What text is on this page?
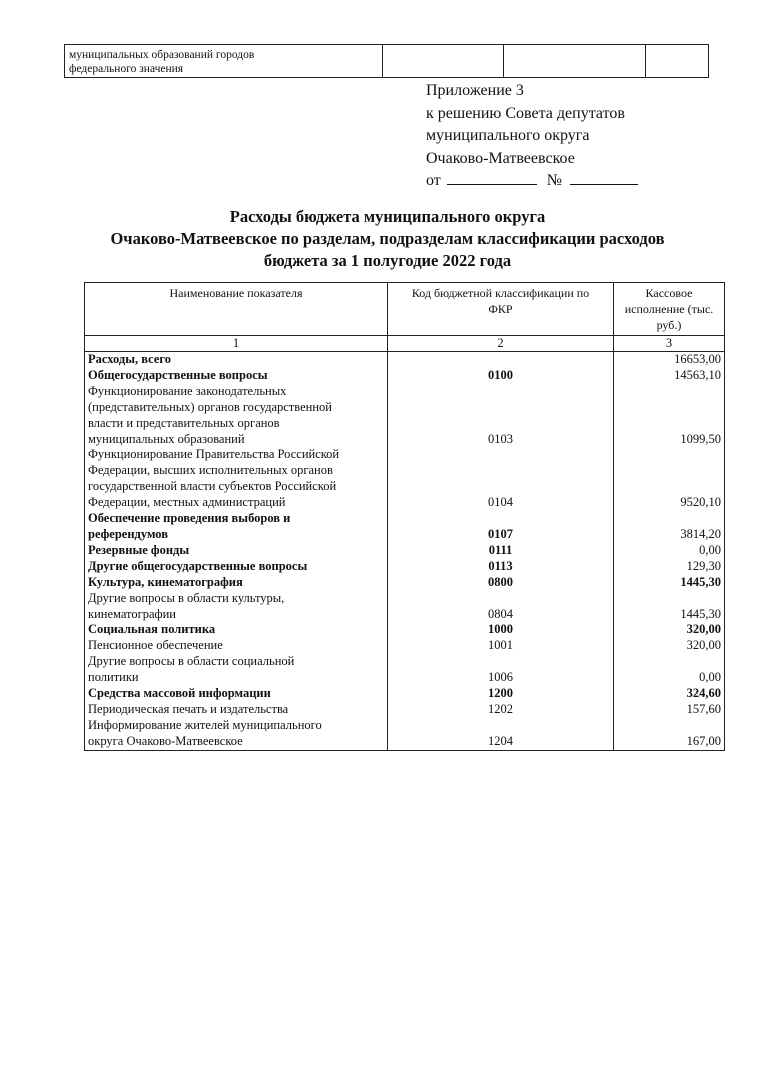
муниципальных образований городов
федерального значения
Приложение 3
к решению Совета депутатов
муниципального округа
Очаково-Матвеевское
от	№
Расходы бюджета муниципального округа
Очаково-Матвеевское по разделам, подразделам классификации расходов
бюджета за 1 полугодие 2022 года
Наименование показателя	Код бюджетной классификации по ФКР	Кассовое исполнение (тыс. руб.)
1	2	3

Расходы, всего		16653,00

Общегосударственные вопросы	0100	14563,10

Функционирование законодательных
(представительных) органов государственной
власти и представительных органов
муниципальных образований	0103	1099,50

Функционирование Правительства Российской
Федерации, высших исполнительных органов
государственной власти субъектов Российской
Федерации, местных администраций	0104	9520,10

Обеспечение проведения выборов и
референдумов	0107	3814,20

Резервные фонды	0111	0,00

Другие общегосударственные вопросы	0113	129,30

Культура, кинематография	0800	1445,30

Другие вопросы в области культуры,
кинематографии	0804	1445,30

Социальная политика	1000	320,00

Пенсионное обеспечение	1001	320,00

Другие вопросы в области социальной
политики	1006	0,00

Средства массовой информации	1200	324,60

Периодическая печать и издательства	1202	157,60

Информирование жителей муниципального
округа Очаково-Матвеевское	1204	167,00
